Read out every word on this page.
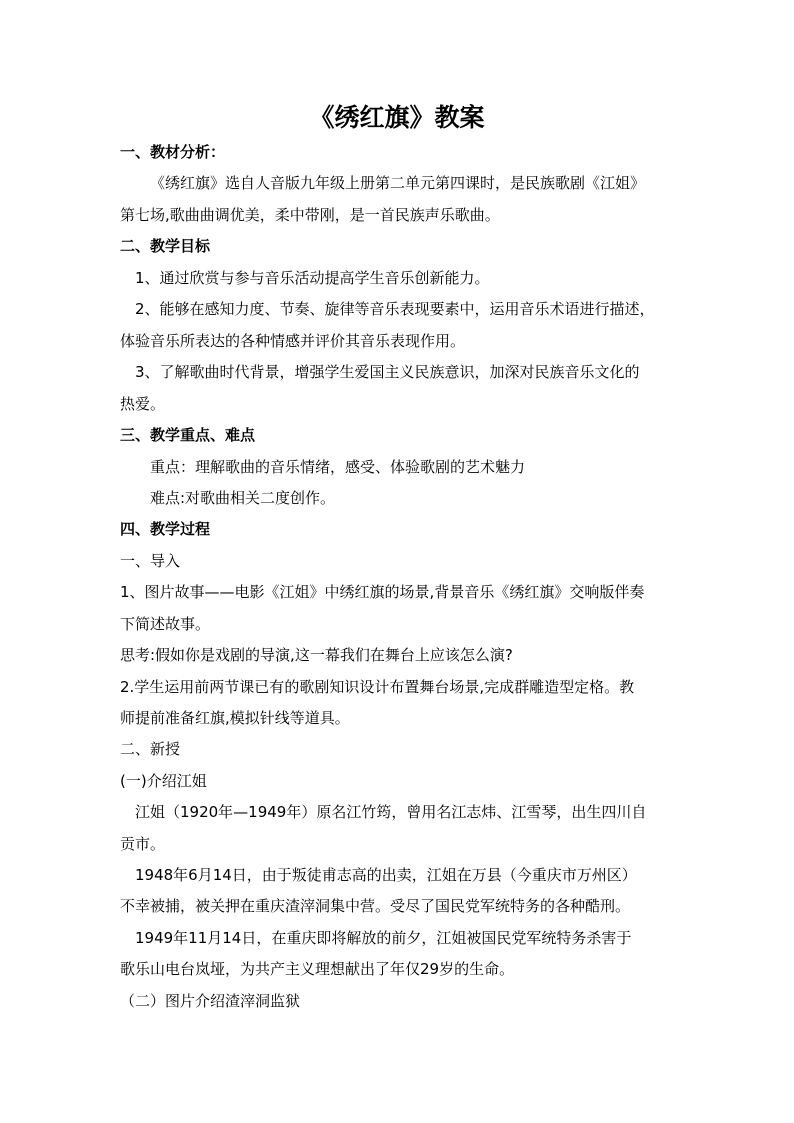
《绣红旗》教案
一、教材分析：
《绣红旗》选自人音版九年级上册第二单元第四课时，是民族歌剧《江姐》
第七场,歌曲曲调优美，柔中带刚，是一首民族声乐歌曲。
二、教学目标
1、通过欣赏与参与音乐活动提高学生音乐创新能力。
2、能够在感知力度、节奏、旋律等音乐表现要素中，运用音乐术语进行描述，
体验音乐所表达的各种情感并评价其音乐表现作用。
3、了解歌曲时代背景，增强学生爱国主义民族意识，加深对民族音乐文化的
热爱。
三、教学重点、难点
重点：理解歌曲的音乐情绪，感受、体验歌剧的艺术魅力
难点:对歌曲相关二度创作。
四、教学过程
一、导入
1、图片故事——电影《江姐》中绣红旗的场景,背景音乐《绣红旗》交响版伴奏
下简述故事。
思考:假如你是戏剧的导演,这一幕我们在舞台上应该怎么演?
2.学生运用前两节课已有的歌剧知识设计布置舞台场景,完成群雕造型定格。教
师提前准备红旗,模拟针线等道具。
二、新授
(一)介绍江姐
江姐（1920年—1949年）原名江竹筠，曾用名江志炜、江雪琴，出生四川自
贡市。
1948年6月14日，由于叛徒甫志高的出卖，江姐在万县（今重庆市万州区）
不幸被捕，被关押在重庆渣滓洞集中营。受尽了国民党军统特务的各种酷刑。
1949年11月14日，在重庆即将解放的前夕，江姐被国民党军统特务杀害于
歌乐山电台岚垭，为共产主义理想献出了年仅29岁的生命。
（二）图片介绍渣滓洞监狱
